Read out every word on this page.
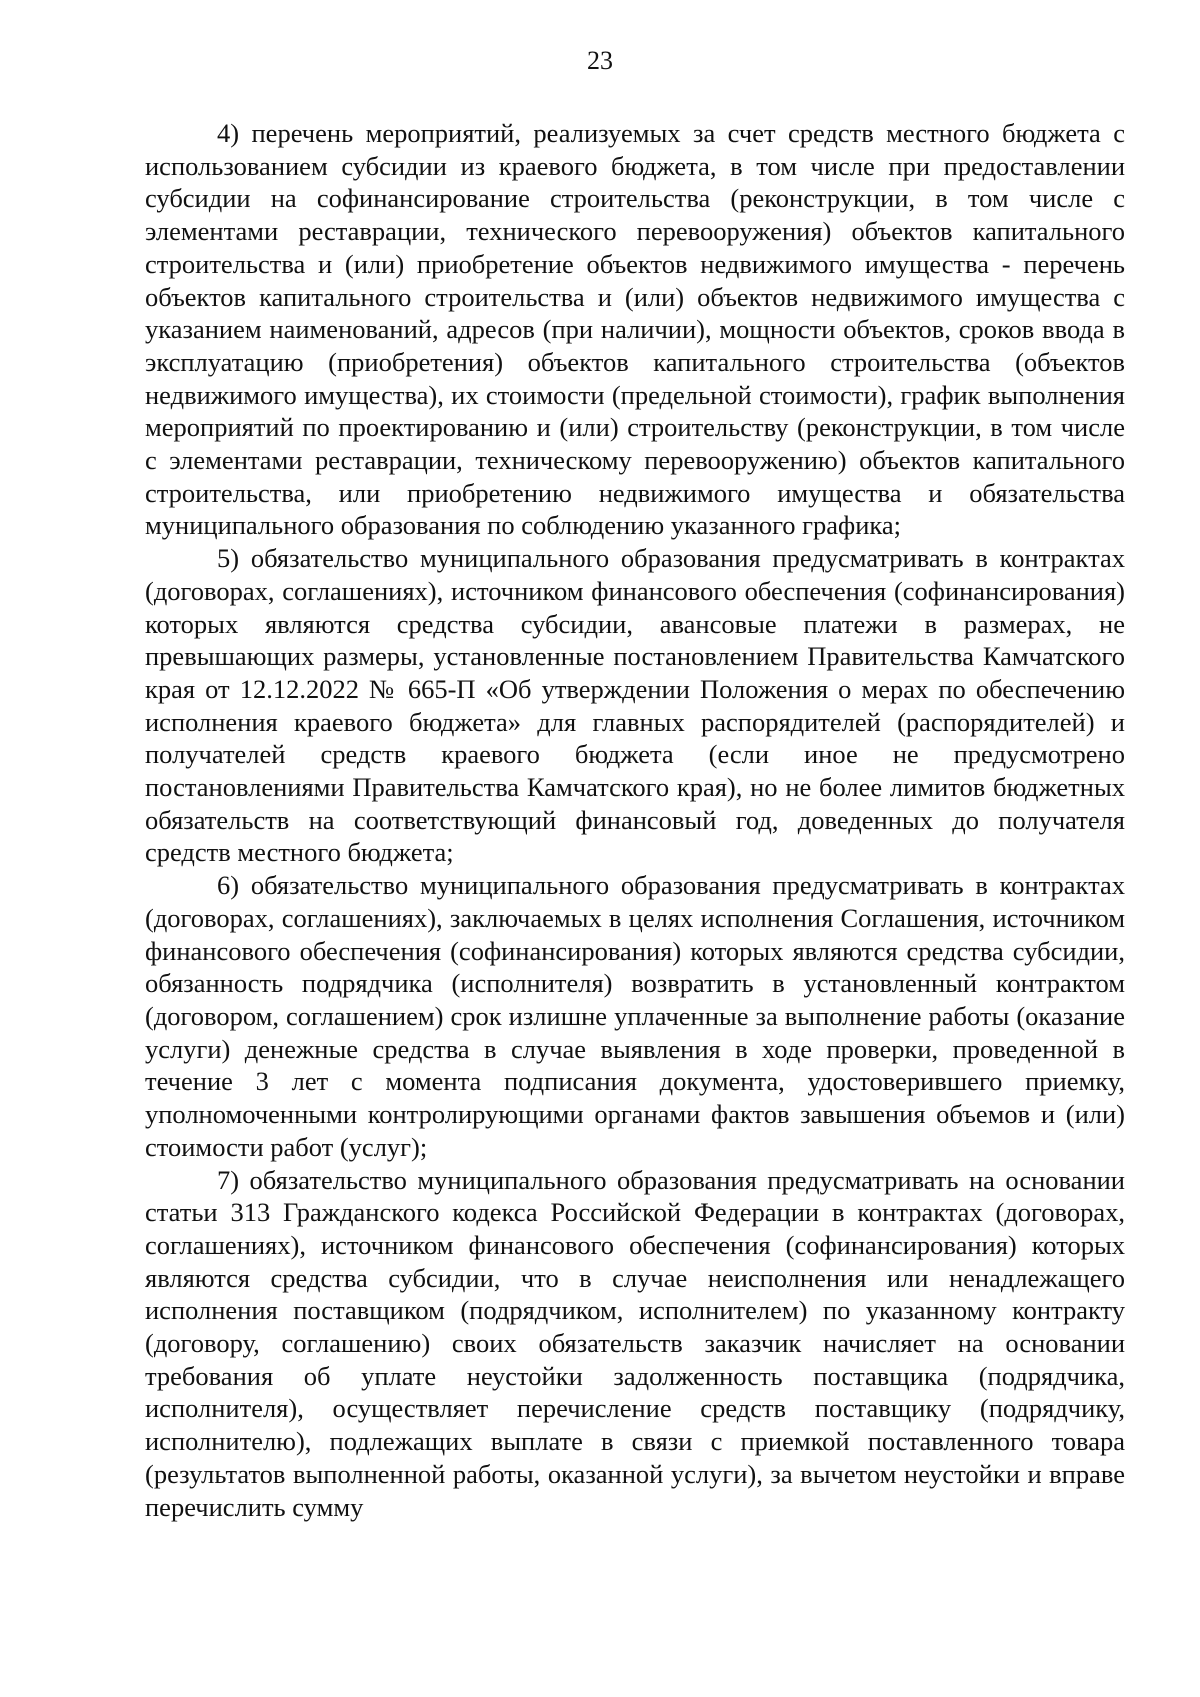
23

4) перечень мероприятий, реализуемых за счет средств местного бюджета с использованием субсидии из краевого бюджета, в том числе при предоставлении субсидии на софинансирование строительства (реконструкции, в том числе с элементами реставрации, технического перевооружения) объектов капитального строительства и (или) приобретение объектов недвижимого имущества - перечень объектов капитального строительства и (или) объектов недвижимого имущества с указанием наименований, адресов (при наличии), мощности объектов, сроков ввода в эксплуатацию (приобретения) объектов капитального строительства (объектов недвижимого имущества), их стоимости (предельной стоимости), график выполнения мероприятий по проектированию и (или) строительству (реконструкции, в том числе с элементами реставрации, техническому перевооружению) объектов капитального строительства, или приобретению недвижимого имущества и обязательства муниципального образования по соблюдению указанного графика;

5) обязательство муниципального образования предусматривать в контрактах (договорах, соглашениях), источником финансового обеспечения (софинансирования) которых являются средства субсидии, авансовые платежи в размерах, не превышающих размеры, установленные постановлением Правительства Камчатского края от 12.12.2022 № 665-П «Об утверждении Положения о мерах по обеспечению исполнения краевого бюджета» для главных распорядителей (распорядителей) и получателей средств краевого бюджета (если иное не предусмотрено постановлениями Правительства Камчатского края), но не более лимитов бюджетных обязательств на соответствующий финансовый год, доведенных до получателя средств местного бюджета;

6) обязательство муниципального образования предусматривать в контрактах (договорах, соглашениях), заключаемых в целях исполнения Соглашения, источником финансового обеспечения (софинансирования) которых являются средства субсидии, обязанность подрядчика (исполнителя) возвратить в установленный контрактом (договором, соглашением) срок излишне уплаченные за выполнение работы (оказание услуги) денежные средства в случае выявления в ходе проверки, проведенной в течение 3 лет с момента подписания документа, удостоверившего приемку, уполномоченными контролирующими органами фактов завышения объемов и (или) стоимости работ (услуг);

7) обязательство муниципального образования предусматривать на основании статьи 313 Гражданского кодекса Российской Федерации в контрактах (договорах, соглашениях), источником финансового обеспечения (софинансирования) которых являются средства субсидии, что в случае неисполнения или ненадлежащего исполнения поставщиком (подрядчиком, исполнителем) по указанному контракту (договору, соглашению) своих обязательств заказчик начисляет на основании требования об уплате неустойки задолженность поставщика (подрядчика, исполнителя), осуществляет перечисление средств поставщику (подрядчику, исполнителю), подлежащих выплате в связи с приемкой поставленного товара (результатов выполненной работы, оказанной услуги), за вычетом неустойки и вправе перечислить сумму
